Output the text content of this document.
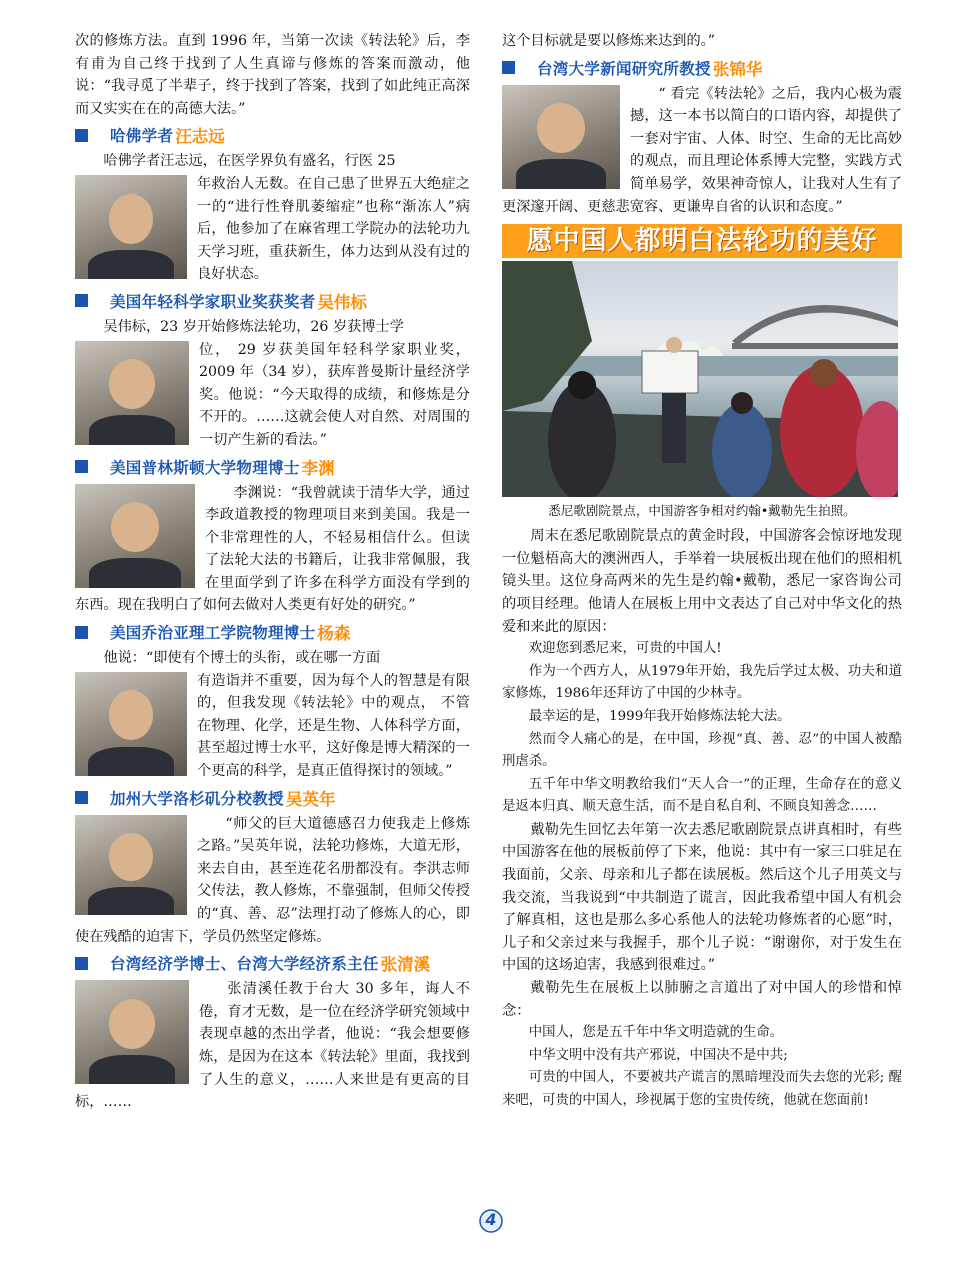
次的修炼方法。直到 1996 年，当第一次读《转法轮》后，李有甫为自己终于找到了人生真谛与修炼的答案而激动，他说：“我寻觅了半辈子，终于找到了答案，找到了如此纯正高深而又实实在在的高德大法。”

哈佛学者 汪志远

哈佛学者汪志远，在医学界负有盛名，行医 25

年救治人无数。在自己患了世界五大绝症之一的“进行性脊肌萎缩症”也称“渐冻人”病后，他参加了在麻省理工学院办的法轮功九天学习班，重获新生，体力达到从没有过的良好状态。

美国年轻科学家职业奖获奖者 吴伟标

吴伟标，23 岁开始修炼法轮功，26 岁获博士学

位， 29 岁获美国年轻科学家职业奖， 2009 年（34 岁），获库普曼斯计量经济学奖。他说：“今天取得的成绩，和修炼是分不开的。……这就会使人对自然、对周围的一切产生新的看法。”

美国普林斯顿大学物理博士 李渊

李渊说：“我曾就读于清华大学，通过李政道教授的物理项目来到美国。我是一个非常理性的人，不轻易相信什么。但读了法轮大法的书籍后，让我非常佩服，我在里面学到了许多在科学方面没有学到的东西。现在我明白了如何去做对人类更有好处的研究。”

美国乔治亚理工学院物理博士 杨森

他说：“即使有个博士的头衔，或在哪一方面

有造诣并不重要，因为每个人的智慧是有限的，但我发现《转法轮》中的观点， 不管在物理、化学，还是生物、人体科学方面，甚至超过博士水平，这好像是博大精深的一个更高的科学，是真正值得探讨的领域。”

加州大学洛杉矶分校教授 吴英年

“师父的巨大道德感召力使我走上修炼之路。”吴英年说，法轮功修炼，大道无形，来去自由，甚至连花名册都没有。李洪志师父传法，教人修炼，不靠强制，但师父传授的“真、善、忍”法理打动了修炼人的心，即使在残酷的迫害下，学员仍然坚定修炼。

台湾经济学博士、台湾大学经济系主任 张清溪

张清溪任教于台大 30 多年，诲人不倦，育才无数，是一位在经济学研究领域中表现卓越的杰出学者，他说：“我会想要修炼，是因为在这本《转法轮》里面，我找到了人生的意义，……人来世是有更高的目标，……

这个目标就是要以修炼来达到的。”

台湾大学新闻研究所教授 张锦华

“ 看完《转法轮》之后，我内心极为震撼，这一本书以简白的口语内容，却提供了一套对宇宙、人体、时空、生命的无比高妙的观点，而且理论体系博大完整，实践方式简单易学，效果神奇惊人，让我对人生有了更深邃开阔、更慈悲宽容、更谦卑自省的认识和态度。”

愿中国人都明白法轮功的美好
悉尼歌剧院景点，中国游客争相对约翰•戴勒先生拍照。

周末在悉尼歌剧院景点的黄金时段，中国游客会惊讶地发现一位魁梧高大的澳洲西人，手举着一块展板出现在他们的照相机镜头里。这位身高两米的先生是约翰•戴勒，悉尼一家咨询公司的项目经理。他请人在展板上用中文表达了自己对中华文化的热爱和来此的原因：

欢迎您到悉尼来，可贵的中国人!

作为一个西方人，从1979年开始，我先后学过太极、功夫和道家修炼，1986年还拜访了中国的少林寺。

最幸运的是，1999年我开始修炼法轮大法。

然而令人痛心的是，在中国，珍视“真、善、忍”的中国人被酷刑虐杀。

五千年中华文明教给我们“天人合一”的正理，生命存在的意义是返本归真、顺天意生活，而不是自私自利、不顾良知善念……

戴勒先生回忆去年第一次去悉尼歌剧院景点讲真相时，有些中国游客在他的展板前停了下来，他说：其中有一家三口驻足在我面前，父亲、母亲和儿子都在读展板。然后这个儿子用英文与我交流，当我说到“中共制造了谎言，因此我希望中国人有机会了解真相，这也是那么多心系他人的法轮功修炼者的心愿”时，儿子和父亲过来与我握手，那个儿子说：“谢谢你，对于发生在中国的这场迫害，我感到很难过。”

戴勒先生在展板上以肺腑之言道出了对中国人的珍惜和悼念：

中国人，您是五千年中华文明造就的生命。

中华文明中没有共产邪说，中国决不是中共;

可贵的中国人，不要被共产谎言的黑暗埋没而失去您的光彩; 醒来吧，可贵的中国人，珍视属于您的宝贵传统，他就在您面前!

4
